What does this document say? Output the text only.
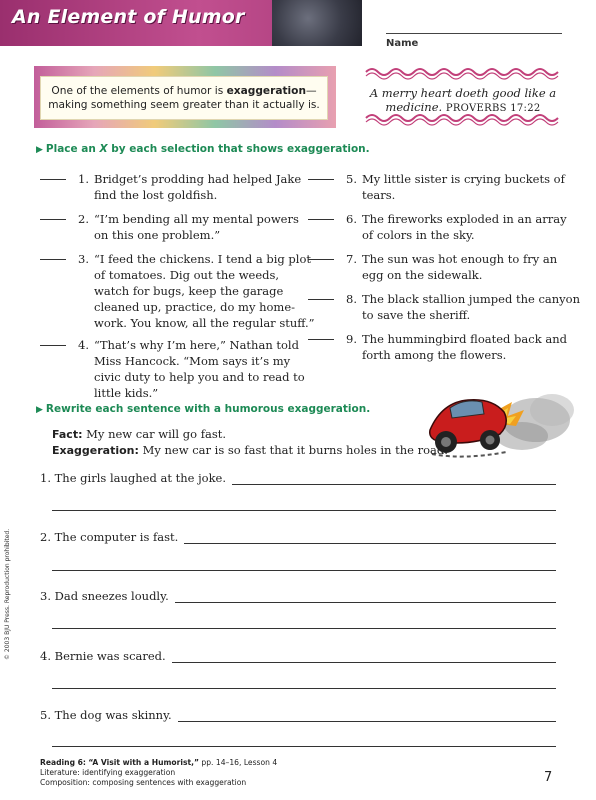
An Element of Humor
Name
One of the elements of humor is exaggeration—making something seem greater than it actually is.
A merry heart doeth good like a medicine. PROVERBS 17:22
▶ Place an X by each selection that shows exaggeration.
1. Bridget’s prodding had helped Jake
find the lost goldfish.
2. “I’m bending all my mental powers
on this one problem.”
3. “I feed the chickens. I tend a big plot
of tomatoes. Dig out the weeds,
watch for bugs, keep the garage
cleaned up, practice, do my home-
work. You know, all the regular stuff.”
4. “That’s why I’m here,” Nathan told
Miss Hancock. “Mom says it’s my
civic duty to help you and to read to
little kids.”
5. My little sister is crying buckets of
tears.
6. The fireworks exploded in an array
of colors in the sky.
7. The sun was hot enough to fry an
egg on the sidewalk.
8. The black stallion jumped the canyon
to save the sheriff.
9. The hummingbird floated back and
forth among the flowers.
▶ Rewrite each sentence with a humorous exaggeration.
Fact: My new car will go fast.
Exaggeration: My new car is so fast that it burns holes in the road.
1. The girls laughed at the joke.
2. The computer is fast.
3. Dad sneezes loudly.
4. Bernie was scared.
5. The dog was skinny.
© 2003 BJU Press. Reproduction prohibited.
Reading 6: “A Visit with a Humorist,” pp. 14–16, Lesson 4
Literature: identifying exaggeration
Composition: composing sentences with exaggeration	7
